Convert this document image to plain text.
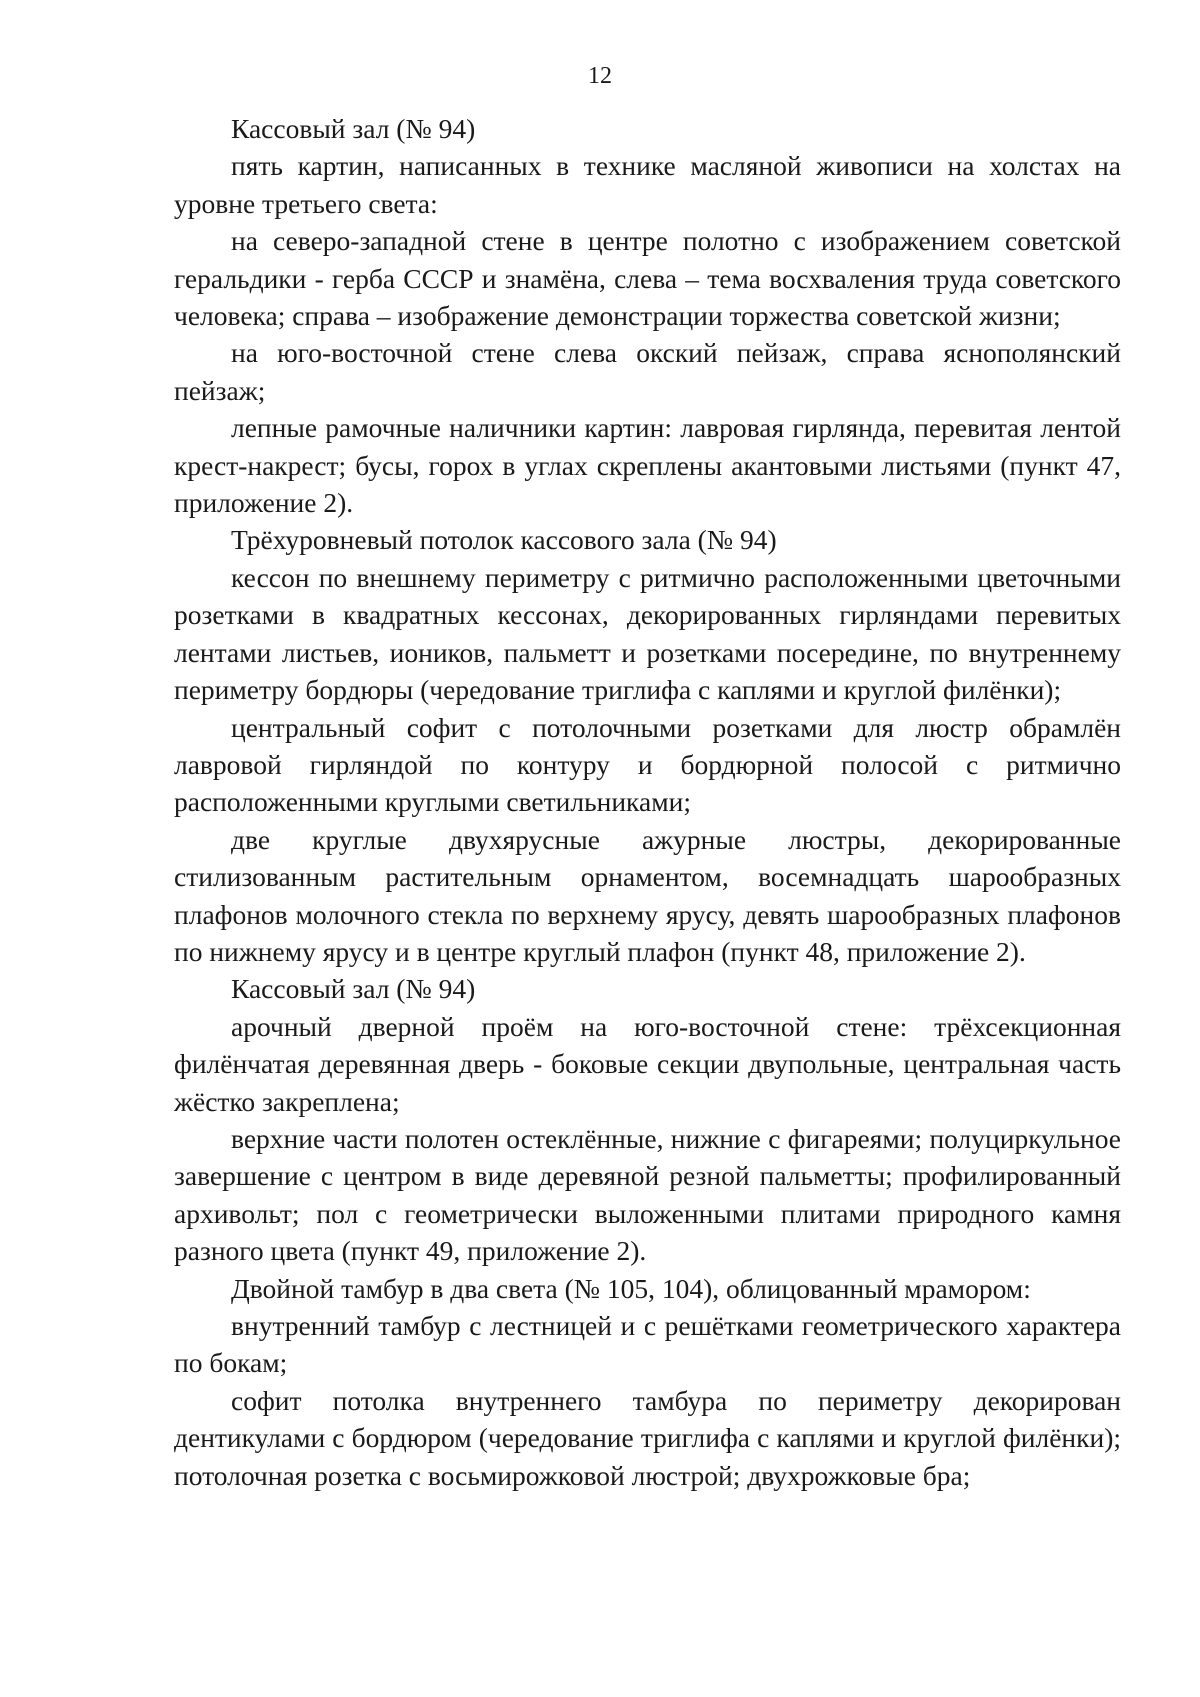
12

Кассовый зал (№ 94)

пять картин, написанных в технике масляной живописи на холстах на уровне третьего света:

на северо-западной стене в центре полотно с изображением советской геральдики - герба СССР и знамёна, слева – тема восхваления труда советского человека; справа – изображение демонстрации торжества советской жизни;

на юго-восточной стене слева окский пейзаж, справа яснополянский пейзаж;

лепные рамочные наличники картин: лавровая гирлянда, перевитая лентой крест-накрест; бусы, горох в углах скреплены акантовыми листьями (пункт 47, приложение 2).

Трёхуровневый потолок кассового зала (№ 94)

кессон по внешнему периметру с ритмично расположенными цветочными розетками в квадратных кессонах, декорированных гирляндами перевитых лентами листьев, иоников, пальметт и розетками посередине, по внутреннему периметру бордюры (чередование триглифа с каплями и круглой филёнки);

центральный софит с потолочными розетками для люстр обрамлён лавровой гирляндой по контуру и бордюрной полосой с ритмично расположенными круглыми светильниками;

две круглые двухярусные ажурные люстры, декорированные стилизованным растительным орнаментом, восемнадцать шарообразных плафонов молочного стекла по верхнему ярусу, девять шарообразных плафонов по нижнему ярусу и в центре круглый плафон (пункт 48, приложение 2).

Кассовый зал (№ 94)

арочный дверной проём на юго-восточной стене: трёхсекционная филёнчатая деревянная дверь - боковые секции двупольные, центральная часть жёстко закреплена;

верхние части полотен остеклённые, нижние с фигареями; полуциркульное завершение с центром в виде деревяной резной пальметты; профилированный архивольт; пол с геометрически выложенными плитами природного камня разного цвета (пункт 49, приложение 2).

Двойной тамбур в два света (№ 105, 104), облицованный мрамором:

внутренний тамбур с лестницей и с решётками геометрического характера по бокам;

софит потолка внутреннего тамбура по периметру декорирован дентикулами с бордюром (чередование триглифа с каплями и круглой филёнки); потолочная розетка с восьмирожковой люстрой; двухрожковые бра;
